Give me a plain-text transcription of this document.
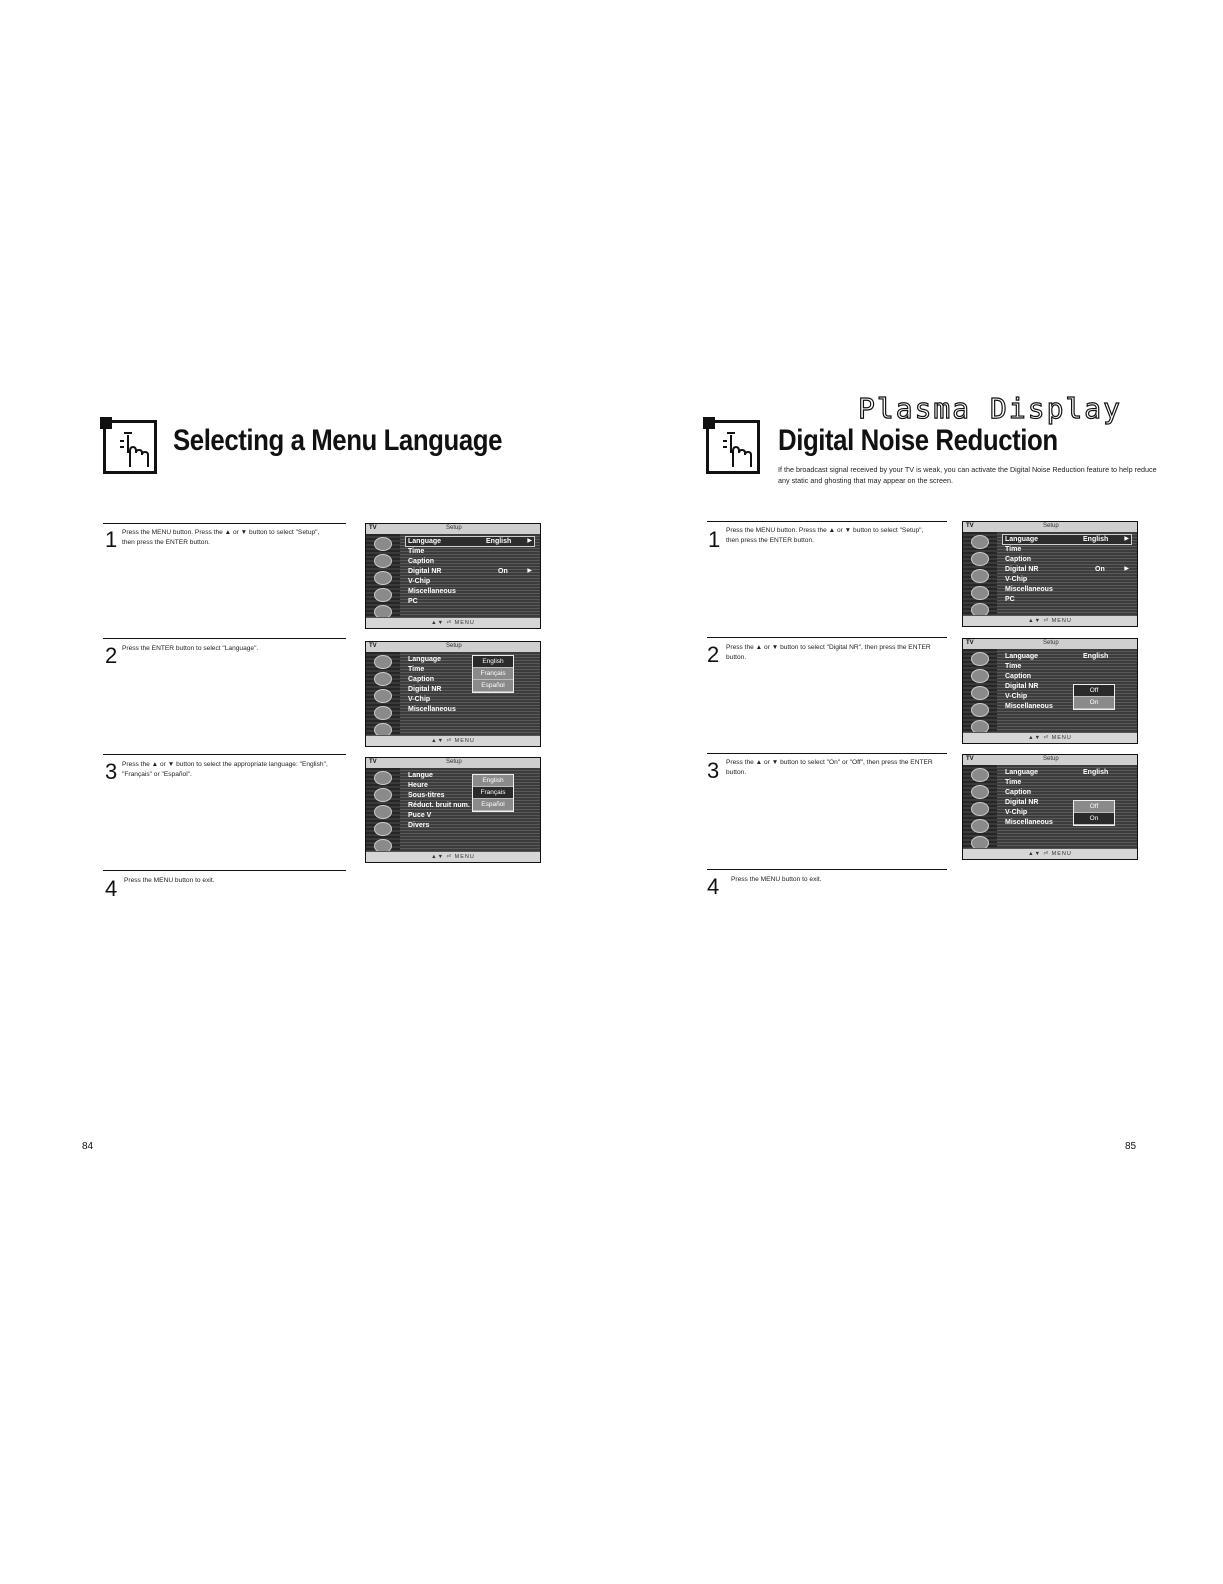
Selecting a Menu Language
1 Press the MENU button. Press the ▲ or ▼ button to select "Setup", then press the ENTER button.
2 Press the ENTER button to select "Language".
3 Press the ▲ or ▼ button to select the appropriate language: "English", "Français" or "Español".
4 Press the MENU button to exit.
TV	Setup
Language	English	▶
Time
Caption
Digital NR	On	▶
V-Chip
Miscellaneous
PC
▲▼ ⏎ MENU
TV	Setup
Language
Time
Caption
Digital NR
V-Chip
Miscellaneous
English
Français
Español
▲▼ ⏎ MENU
TV	Setup
Langue
Heure
Sous-titres
Réduct. bruit num.
Puce V
Divers
English
Français
Español
▲▼ ⏎ MENU
84
Plasma Display
Digital Noise Reduction
If the broadcast signal received by your TV is weak, you can activate the Digital Noise Reduction feature to help reduce any static and ghosting that may appear on the screen.
1 Press the MENU button. Press the ▲ or ▼ button to select "Setup", then press the ENTER button.
2 Press the ▲ or ▼ button to select "Digital NR", then press the ENTER button.
3 Press the ▲ or ▼ button to select "On" or "Off", then press the ENTER button.
4 Press the MENU button to exit.
TV	Setup
Language	English	▶
Time
Caption
Digital NR	On	▶
V-Chip
Miscellaneous
PC
▲▼ ⏎ MENU
TV	Setup
Language	English
Time
Caption
Digital NR
V-Chip
Miscellaneous
Off
On
▲▼ ⏎ MENU
TV	Setup
Language	English
Time
Caption
Digital NR
V-Chip
Miscellaneous
Off
On
▲▼ ⏎ MENU
85
